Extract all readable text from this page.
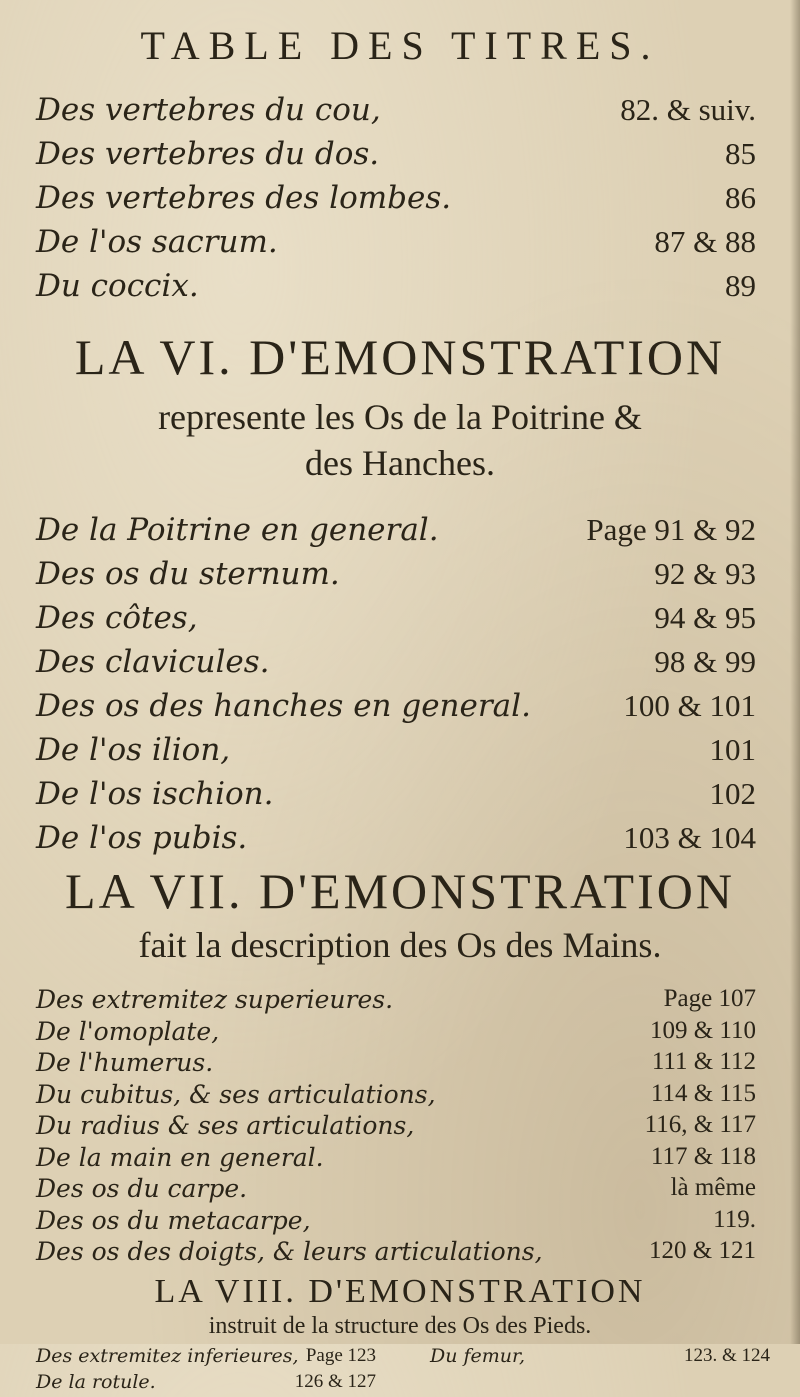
TABLE DES TITRES.
Des vertebres du cou,	82. & suiv.
Des vertebres du dos.	85
Des vertebres des lombes.	86
De l'os sacrum.	87 & 88
Du coccix.	89
LA VI. D'EMONSTRATION
represente les Os de la Poitrine &
des Hanches.
De la Poitrine en general.	Page 91 & 92
Des os du sternum.	92 & 93
Des côtes,	94 & 95
Des clavicules.	98 & 99
Des os des hanches en general.	100 & 101
De l'os ilion,	101
De l'os ischion.	102
De l'os pubis.	103 & 104
LA VII. D'EMONSTRATION
fait la description des Os des Mains.
Des extremitez superieures.	Page 107
De l'omoplate,	109 & 110
De l'humerus.	111 & 112
Du cubitus, & ses articulations,	114 & 115
Du radius & ses articulations,	116, & 117
De la main en general.	117 & 118
Des os du carpe.	là même
Des os du metacarpe,	119.
Des os des doigts, & leurs articulations,	120 & 121
LA VIII. D'EMONSTRATION
instruit de la structure des Os des Pieds.
Des extremitez inferieures, Page 123	Du femur,	123. & 124
De la rotule.	126 & 127
